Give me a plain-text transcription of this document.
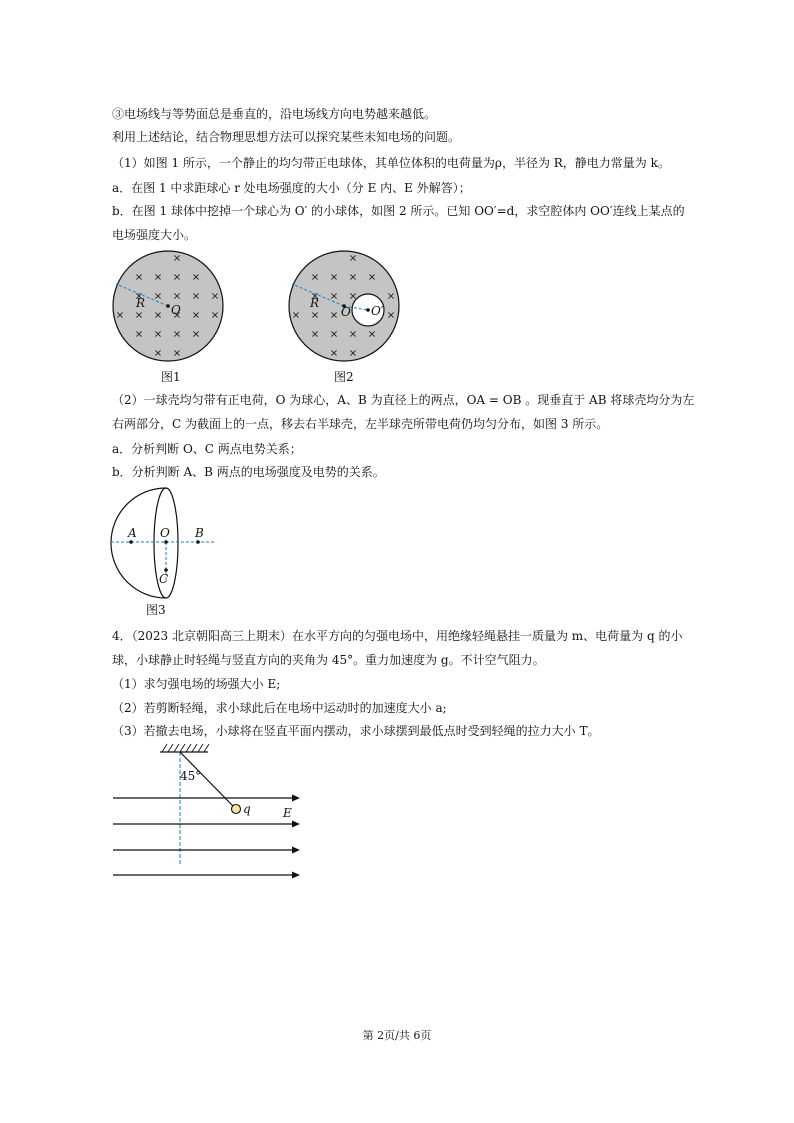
③电场线与等势面总是垂直的，沿电场线方向电势越来越低。
利用上述结论，结合物理思想方法可以探究某些未知电场的问题。
（1）如图 1 所示，一个静止的均匀带正电球体，其单位体积的电荷量为ρ，半径为 R，静电力常量为 k。
a．在图 1 中求距球心 r 处电场强度的大小（分 E 内、E 外解答）；
b．在图 1 球体中挖掉一个球心为 O′ 的小球体，如图 2 所示。已知 OO′=d，求空腔体内 OO′连线上某点的
电场强度大小。
R O
图1
R
O O′
图2
（2）一球壳均匀带有正电荷，O 为球心，A、B 为直径上的两点，OA = OB 。现垂直于 AB 将球壳均分为左
右两部分，C 为截面上的一点，移去右半球壳，左半球壳所带电荷仍均匀分布，如图 3 所示。
a．分析判断 O、C 两点电势关系；
b．分析判断 A、B 两点的电场强度及电势的关系。
A O B
C
图3
4．（2023 北京朝阳高三上期末）在水平方向的匀强电场中，用绝缘轻绳悬挂一质量为 m、电荷量为 q 的小
球，小球静止时轻绳与竖直方向的夹角为 45°。重力加速度为 g。不计空气阻力。
（1）求匀强电场的场强大小 E;
（2）若剪断轻绳，求小球此后在电场中运动时的加速度大小 a;
（3）若撤去电场，小球将在竖直平面内摆动，求小球摆到最低点时受到轻绳的拉力大小 T。
45°
q	E
第 2页/共 6页
